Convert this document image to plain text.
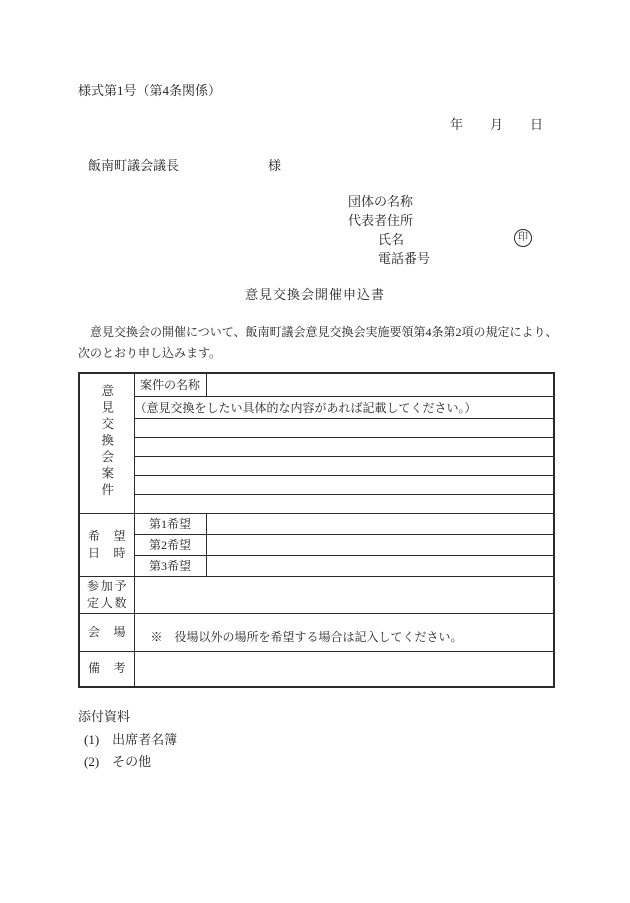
様式第1号（第4条関係）
年 月 日
飯南町議会議長	様
団体の名称
代表者住所
氏名
電話番号
印
意見交換会開催申込書
　意見交換会の開催について、飯南町議会意見交換会実施要領第4条第2項の規定により、
次のとおり申し込みます。
意見交換会案件	案件の名称	
	（意見交換をしたい具体的な内容があれば記載してください。）	

希 望
日 時	第1希望	
	第2希望	
	第3希望	

参 加 予
定 人 数

会 場	※　役場以外の場所を希望する場合は記入してください。	

備 考		

添付資料
(1)　出席者名簿
(2)　その他
